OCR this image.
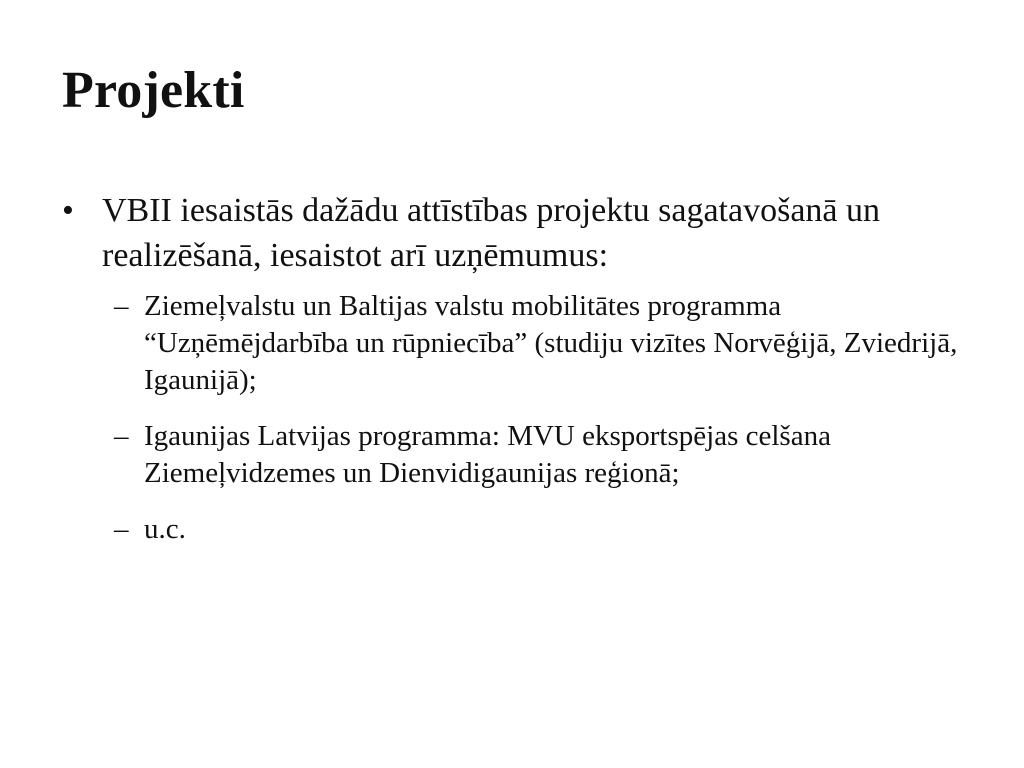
Projekti
• VBII iesaistās dažādu attīstības projektu sagatavošanā un realizēšanā, iesaistot arī uzņēmumus:
– Ziemeļvalstu un Baltijas valstu mobilitātes programma “Uzņēmējdarbība un rūpniecība” (studiju vizītes Norvēģijā, Zviedrijā, Igaunijā);
– Igaunijas Latvijas programma: MVU eksportspējas celšana Ziemeļvidzemes un Dienvidigaunijas reģionā;
– u.c.
